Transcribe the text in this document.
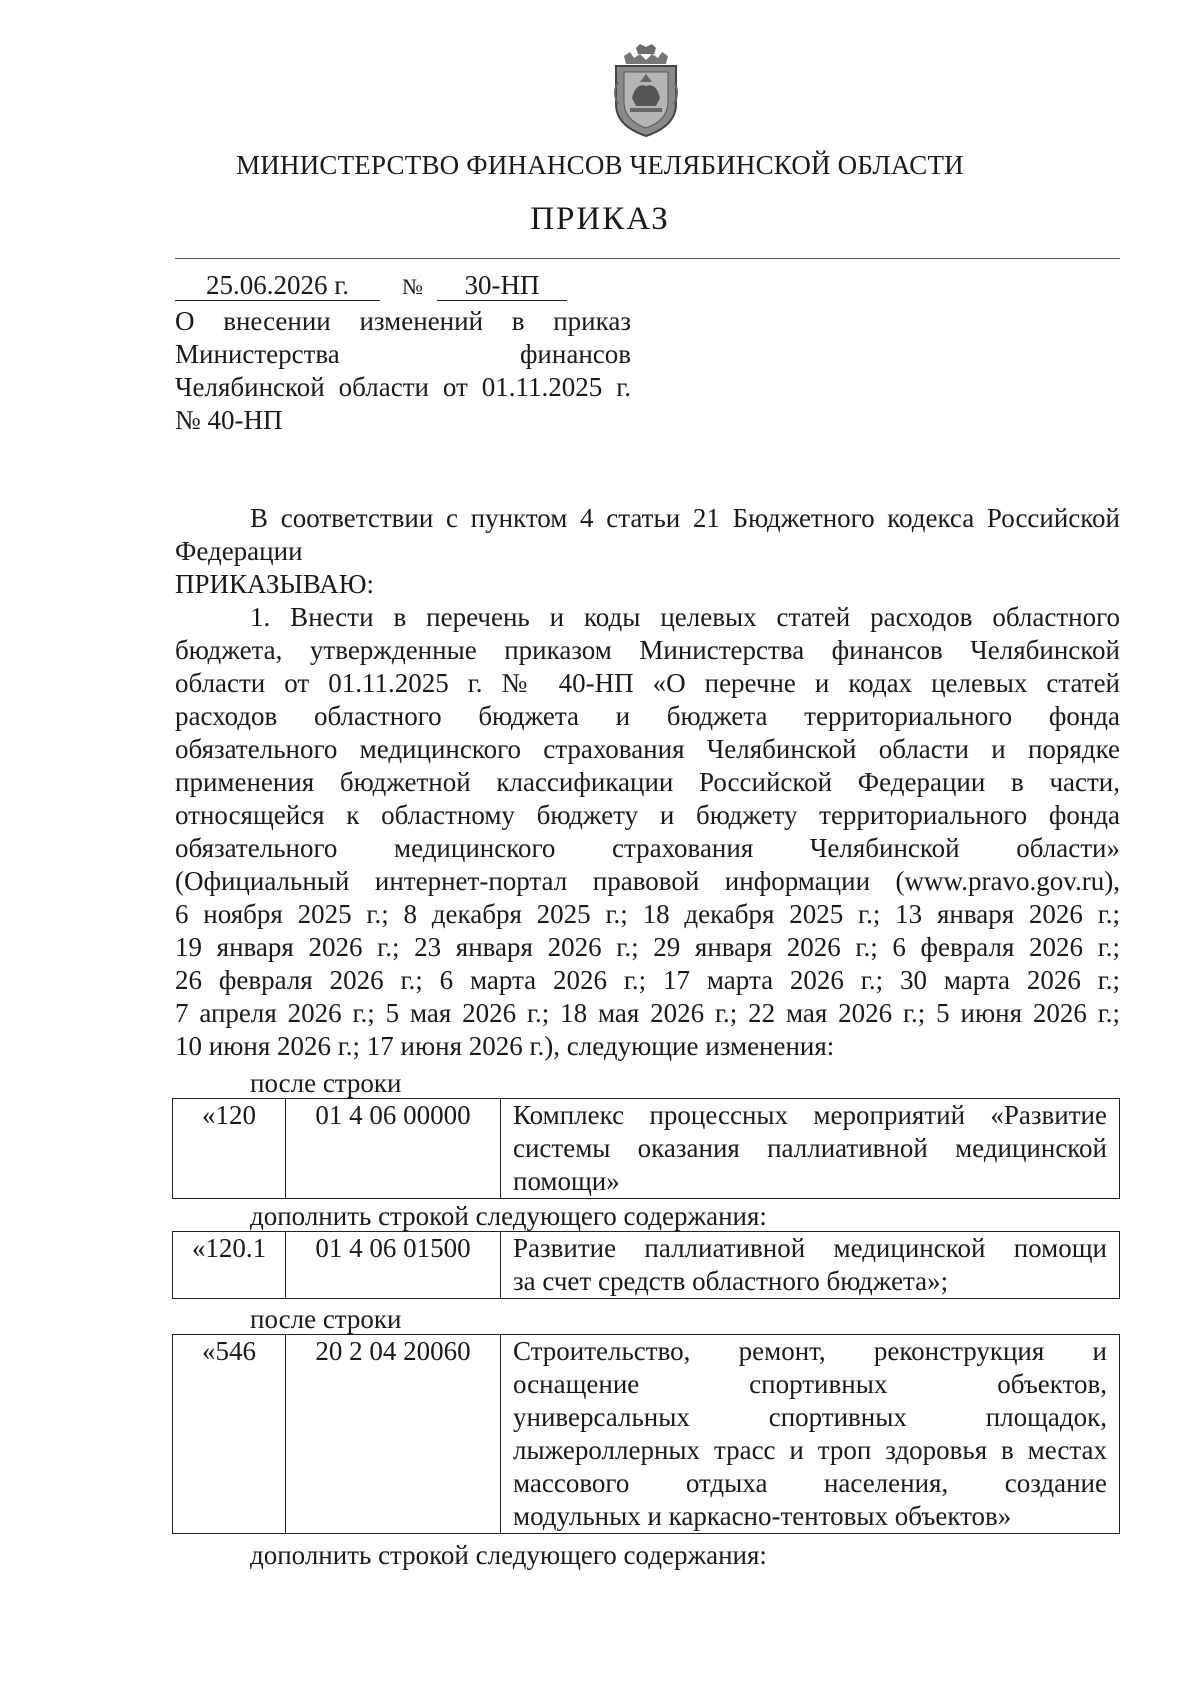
МИНИСТЕРСТВО ФИНАНСОВ ЧЕЛЯБИНСКОЙ ОБЛАСТИ
ПРИКАЗ
25.06.2026 г. № 30-НП
О внесении изменений в приказ
Министерства финансов
Челябинской области от 01.11.2025 г.
№ 40-НП
В соответствии с пунктом 4 статьи 21 Бюджетного кодекса Российской
Федерации
ПРИКАЗЫВАЮ:
1. Внести в перечень и коды целевых статей расходов областного
бюджета, утвержденные приказом Министерства финансов Челябинской
области от 01.11.2025 г. № 40-НП «О перечне и кодах целевых статей
расходов областного бюджета и бюджета территориального фонда
обязательного медицинского страхования Челябинской области и порядке
применения бюджетной классификации Российской Федерации в части,
относящейся к областному бюджету и бюджету территориального фонда
обязательного медицинского страхования Челябинской области»
(Официальный интернет-портал правовой информации (www.pravo.gov.ru),
6 ноября 2025 г.; 8 декабря 2025 г.; 18 декабря 2025 г.; 13 января 2026 г.;
19 января 2026 г.; 23 января 2026 г.; 29 января 2026 г.; 6 февраля 2026 г.;
26 февраля 2026 г.; 6 марта 2026 г.; 17 марта 2026 г.; 30 марта 2026 г.;
7 апреля 2026 г.; 5 мая 2026 г.; 18 мая 2026 г.; 22 мая 2026 г.; 5 июня 2026 г.;
10 июня 2026 г.; 17 июня 2026 г.), следующие изменения:
после строки
«120	01 4 06 00000	Комплекс процессных мероприятий «Развитие
системы оказания паллиативной медицинской
помощи»
дополнить строкой следующего содержания:
«120.1	01 4 06 01500	Развитие паллиативной медицинской помощи
за счет средств областного бюджета»;
после строки
«546	20 2 04 20060	Строительство, ремонт, реконструкция и
оснащение спортивных объектов,
универсальных спортивных площадок,
лыжероллерных трасс и троп здоровья в местах
массового отдыха населения, создание
модульных и каркасно-тентовых объектов»
дополнить строкой следующего содержания:
